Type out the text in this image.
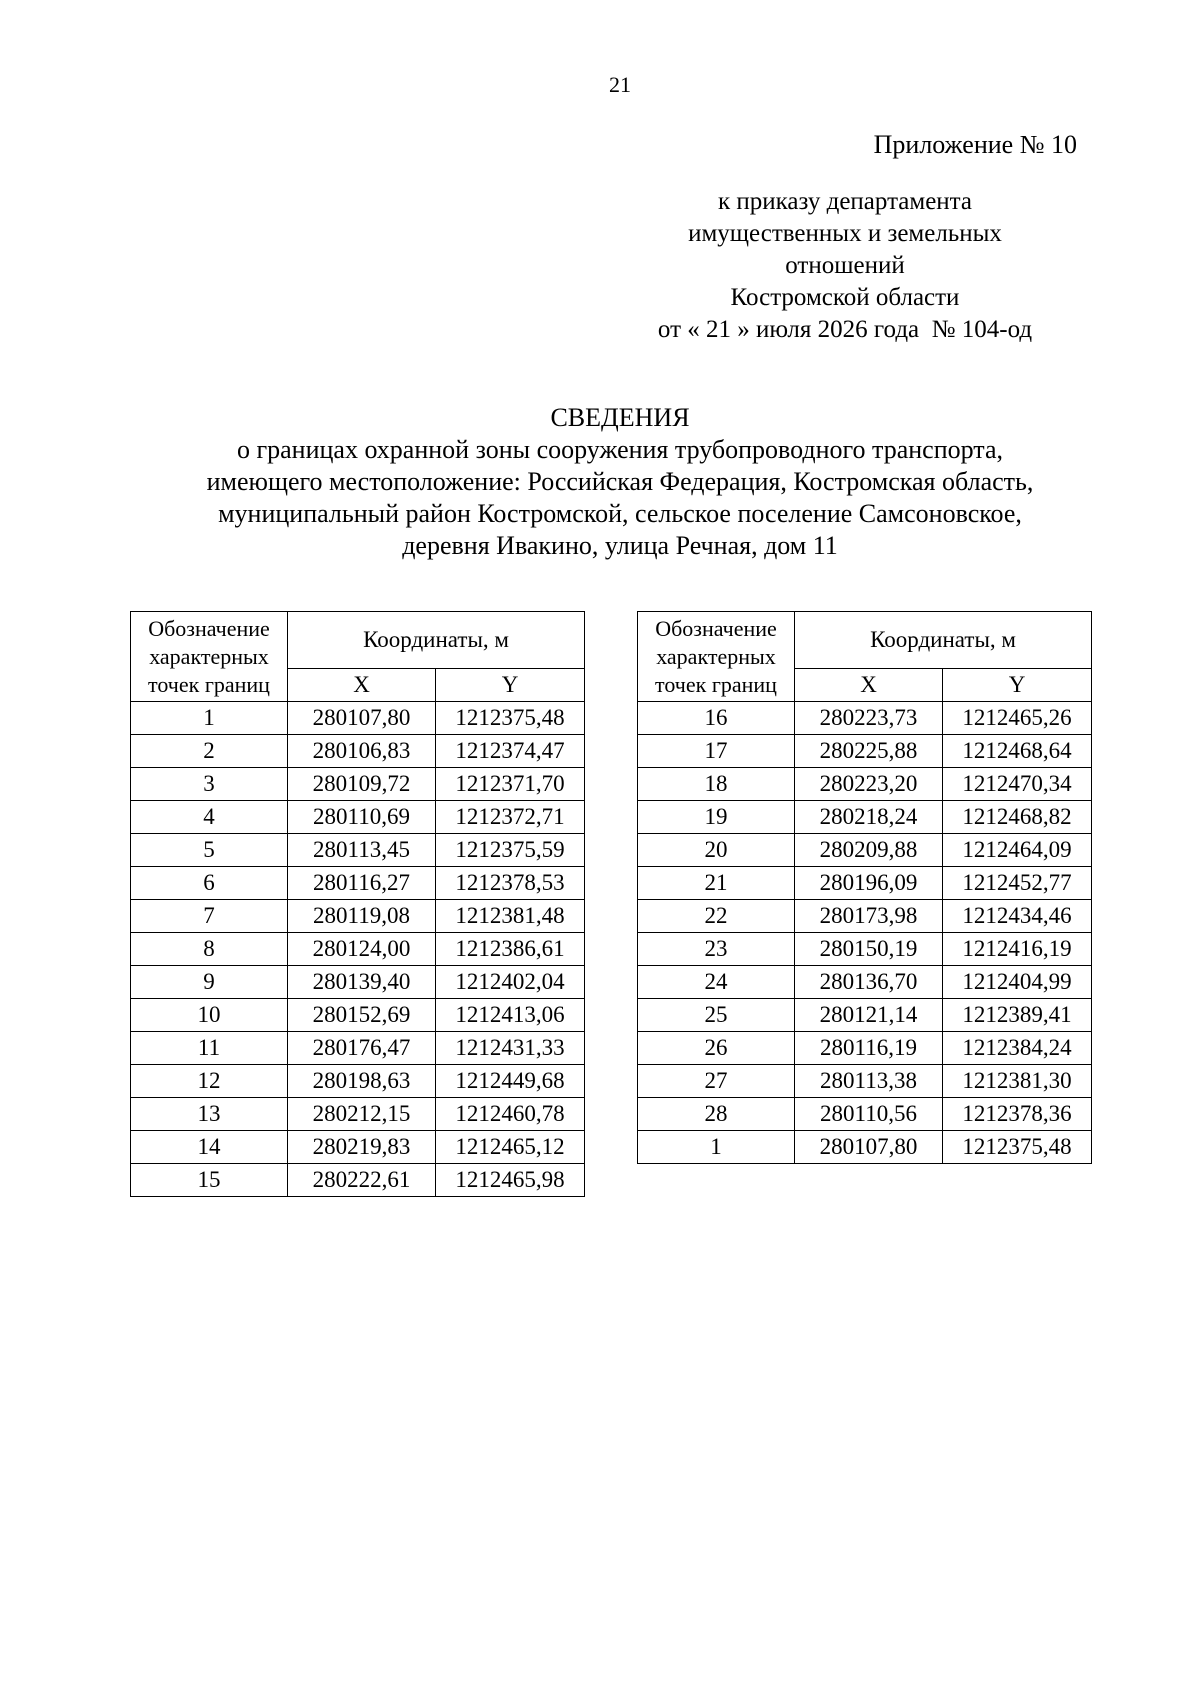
21
Приложение № 10
к приказу департамента
имущественных и земельных
отношений
Костромской области
от « 21 » июля 2026 года  № 104-од
СВЕДЕНИЯ
о границах охранной зоны сооружения трубопроводного транспорта,
имеющего местоположение: Российская Федерация, Костромская область,
муниципальный район Костромской, сельское поселение Самсоновское,
деревня Ивакино, улица Речная, дом 11
Обозначение характерных точек границ	Координаты, м	
	X	Y
1	280107,80	1212375,48
2	280106,83	1212374,47
3	280109,72	1212371,70
4	280110,69	1212372,71
5	280113,45	1212375,59
6	280116,27	1212378,53
7	280119,08	1212381,48
8	280124,00	1212386,61
9	280139,40	1212402,04
10	280152,69	1212413,06
11	280176,47	1212431,33
12	280198,63	1212449,68
13	280212,15	1212460,78
14	280219,83	1212465,12
15	280222,61	1212465,98
Обозначение характерных точек границ	Координаты, м	
	X	Y
16	280223,73	1212465,26
17	280225,88	1212468,64
18	280223,20	1212470,34
19	280218,24	1212468,82
20	280209,88	1212464,09
21	280196,09	1212452,77
22	280173,98	1212434,46
23	280150,19	1212416,19
24	280136,70	1212404,99
25	280121,14	1212389,41
26	280116,19	1212384,24
27	280113,38	1212381,30
28	280110,56	1212378,36
1	280107,80	1212375,48
